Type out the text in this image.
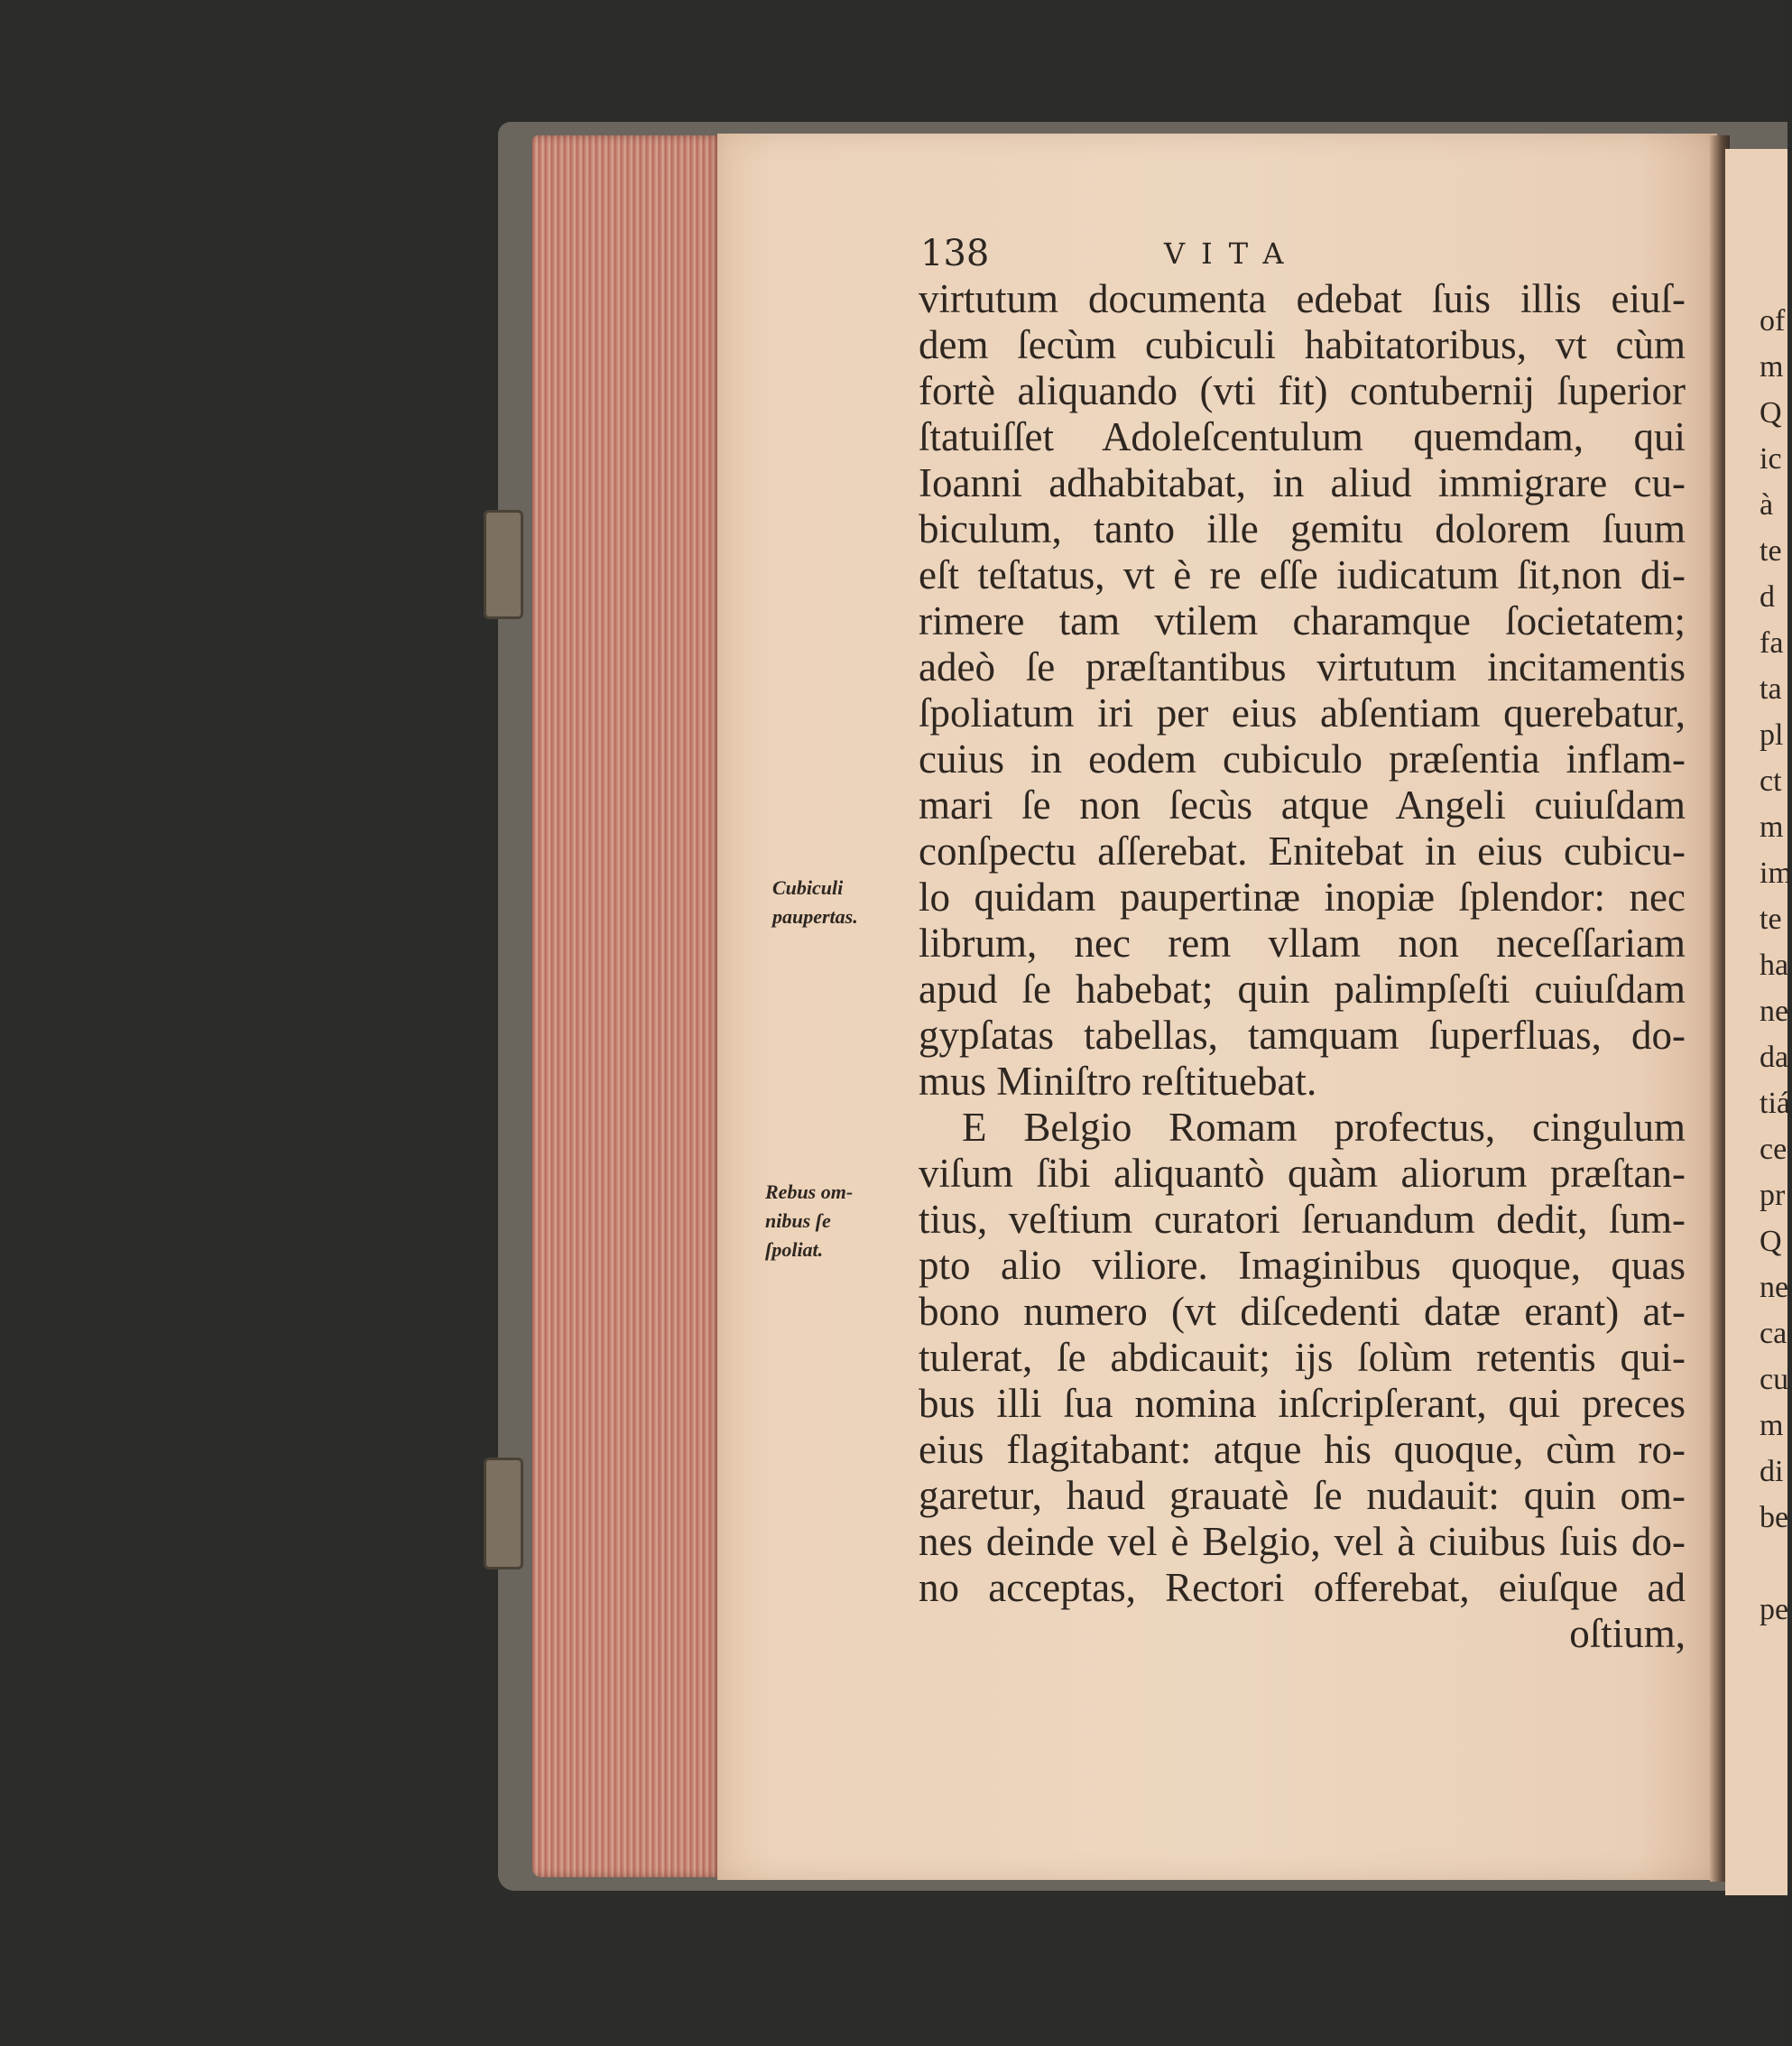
138	VITA
virtutum documenta edebat ſuis illis eiuſ-
dem ſecùm cubiculi habitatoribus, vt cùm
fortè aliquando (vti fit) contubernij ſuperior
ſtatuiſſet Adoleſcentulum quemdam, qui
Ioanni adhabitabat, in aliud immigrare cu-
biculum, tanto ille gemitu dolorem ſuum
eſt teſtatus, vt è re eſſe iudicatum ſit,non di-
rimere tam vtilem charamque ſocietatem;
adeò ſe præſtantibus virtutum incitamentis
ſpoliatum iri per eius abſentiam querebatur,
cuius in eodem cubiculo præſentia inflam-
mari ſe non ſecùs atque Angeli cuiuſdam
conſpectu aſſerebat. Enitebat in eius cubicu-
lo quidam paupertinæ inopiæ ſplendor: nec
librum, nec rem vllam non neceſſariam
apud ſe habebat; quin palimpſeſti cuiuſdam
gypſatas tabellas, tamquam ſuperfluas, do-
mus Miniſtro reſtituebat.
E Belgio Romam profectus, cingulum
viſum ſibi aliquantò quàm aliorum præſtan-
tius, veſtium curatori ſeruandum dedit, ſum-
pto alio viliore. Imaginibus quoque, quas
bono numero (vt diſcedenti datæ erant) at-
tulerat, ſe abdicauit; ijs ſolùm retentis qui-
bus illi ſua nomina inſcripſerant, qui preces
eius flagitabant: atque his quoque, cùm ro-
garetur, haud grauatè ſe nudauit: quin om-
nes deinde vel è Belgio, vel à ciuibus ſuis do-
no acceptas, Rectori offerebat, eiuſque ad
oſtium,
Cubiculi
paupertas.
Rebus om-
nibus ſe
ſpoliat.
of
m
Q
ic
à
te
d
fa
ta
pl
ct
m
im
te
ha
ne
da
tiá
ce
pr
Q
ne
ca
cu
m
di
be
pe
